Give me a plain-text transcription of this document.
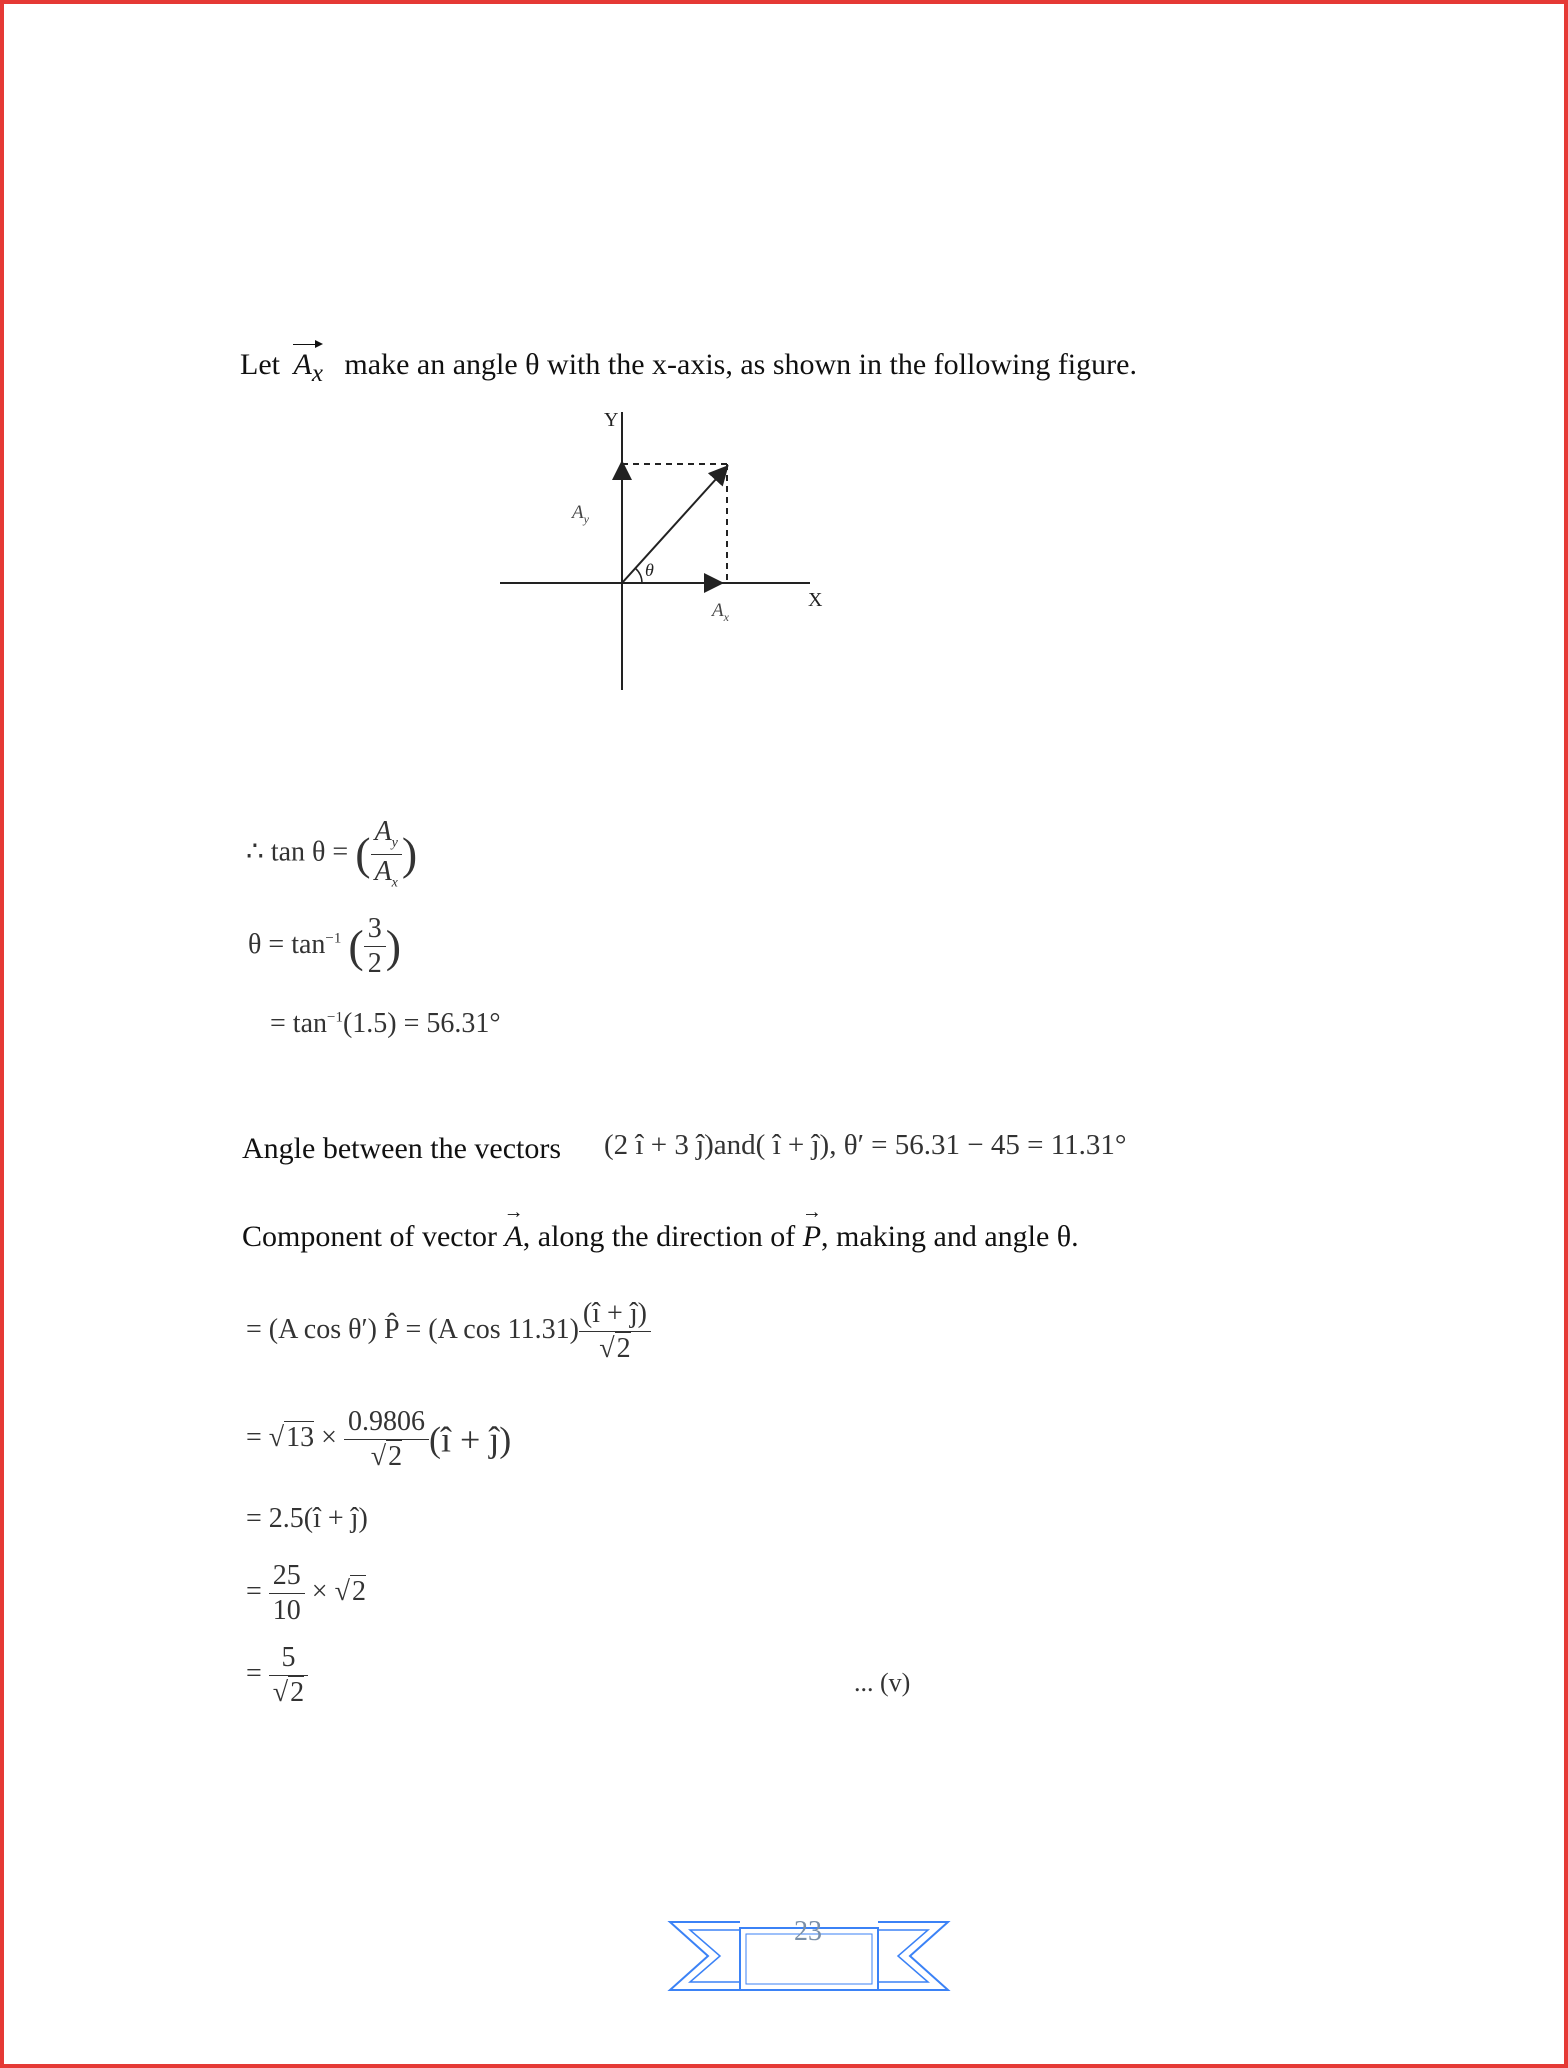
Let $A_x$ make an angle θ with the x-axis, as shown in the following figure.
Y
X
$A_y$
$A_x$
θ
∴ tan θ = ( $\frac{A_y}{A_x}$ )
$\theta = \tan^{-1}$ ( $\frac{3}{2}$ )
= $\tan^{-1}(1.5) = 56.31^\circ$
Angle between the vectors (2 î + 3 ĵ)and( î + ĵ), θ′ = 56.31 − 45 = 11.31°
Component of vector → A, along the direction of → P, making and angle θ.
= (A cos θ′) P̂ = (A $\cos 11.31) \frac{(î + ĵ)}{√2}$
= $√13 \times \frac{0.9806}{√2}$ (î + ĵ)
= 2.5(î + ĵ)
= $\frac{25}{10} \times √2$
= $\frac{5}{√2}$	... (v)
23
